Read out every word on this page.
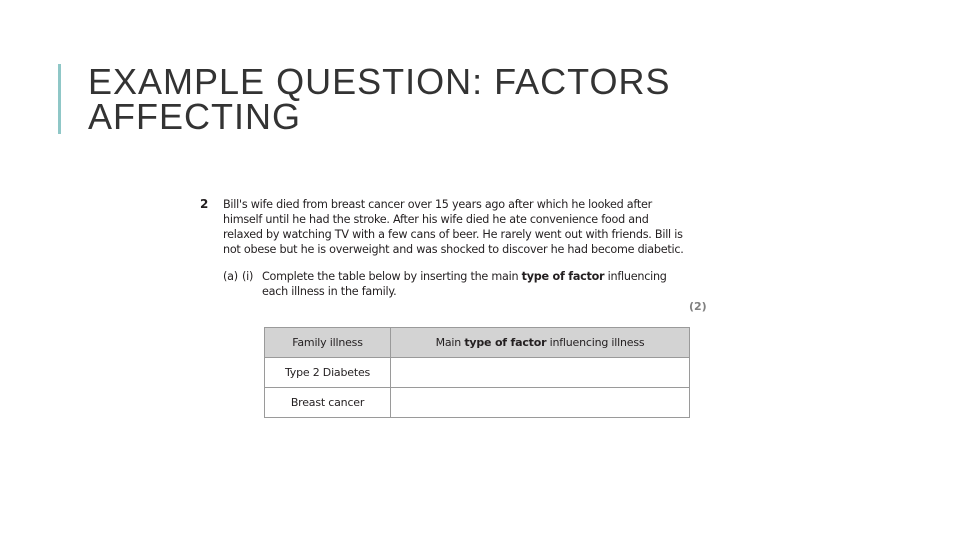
EXAMPLE QUESTION: FACTORS
AFFECTING
2 Bill's wife died from breast cancer over 15 years ago after which he looked after
himself until he had the stroke. After his wife died he ate convenience food and
relaxed by watching TV with a few cans of beer. He rarely went out with friends. Bill is
not obese but he is overweight and was shocked to discover he had become diabetic.
(a) (i) Complete the table below by inserting the main type of factor influencing
each illness in the family.
(2)
Family illness	Main type of factor influencing illness
Type 2 Diabetes	
Breast cancer	
